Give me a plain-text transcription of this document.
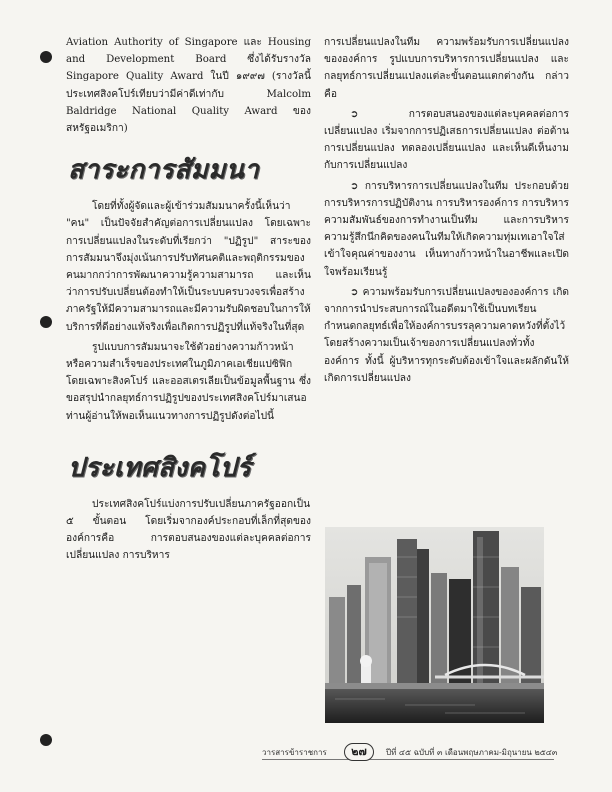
Aviation Authority of Singapore และ Housing and Development Board ซึ่งได้รับรางวัล Singapore Quality Award ในปี ๑๙๙๗ (รางวัลนี้ประเทศสิงคโปร์เทียบว่ามีค่าดีเท่ากับ Malcolm Baldridge National Quality Award ของสหรัฐอเมริกา)

สาระการสัมมนา

โดยที่ทั้งผู้จัดและผู้เข้าร่วมสัมมนาครั้งนี้เห็นว่า "คน" เป็นปัจจัยสำคัญต่อการเปลี่ยนแปลง โดยเฉพาะการเปลี่ยนแปลงในระดับที่เรียกว่า "ปฏิรูป" สาระของการสัมมนาจึงมุ่งเน้นการปรับทัศนคติและพฤติกรรมของคนมากกว่าการพัฒนาความรู้ความสามารถ และเห็นว่าการปรับเปลี่ยนต้องทำให้เป็นระบบครบวงจรเพื่อสร้างภาครัฐให้มีความสามารถและมีความรับผิดชอบในการให้บริการที่ดีอย่างแท้จริงเพื่อเกิดการปฏิรูปที่แท้จริงในที่สุด

รูปแบบการสัมมนาจะใช้ตัวอย่างความก้าวหน้าหรือความสำเร็จของประเทศในภูมิภาคเอเชียแปซิฟิก โดยเฉพาะสิงคโปร์ และออสเตรเลียเป็นข้อมูลพื้นฐาน ซึ่งขอสรุปนำกลยุทธ์การปฏิรูปของประเทศสิงคโปร์มาเสนอท่านผู้อ่านให้พอเห็นแนวทางการปฏิรูปดังต่อไปนี้

ประเทศสิงคโปร์

ประเทศสิงคโปร์แบ่งการปรับเปลี่ยนภาครัฐออกเป็น ๕ ขั้นตอน โดยเริ่มจากองค์ประกอบที่เล็กที่สุดขององค์การคือ การตอบสนองของแต่ละบุคคลต่อการเปลี่ยนแปลง การบริหาร

การเปลี่ยนแปลงในทีม ความพร้อมรับการเปลี่ยนแปลงขององค์การ รูปแบบการบริหารการเปลี่ยนแปลง และกลยุทธ์การเปลี่ยนแปลงแต่ละขั้นตอนแตกต่างกัน กล่าวคือ

➲ การตอบสนองของแต่ละบุคคลต่อการเปลี่ยนแปลง เริ่มจากการปฏิเสธการเปลี่ยนแปลง ต่อต้านการเปลี่ยนแปลง ทดลองเปลี่ยนแปลง และเห็นดีเห็นงามกับการเปลี่ยนแปลง

➲ การบริหารการเปลี่ยนแปลงในทีม ประกอบด้วยการบริหารการปฏิบัติงาน การบริหารองค์การ การบริหารความสัมพันธ์ของการทำงานเป็นทีม และการบริหารความรู้สึกนึกคิดของคนในทีมให้เกิดความทุ่มเทเอาใจใส่ เข้าใจคุณค่าของงาน เห็นทางก้าวหน้าในอาชีพและเปิดใจพร้อมเรียนรู้

➲ ความพร้อมรับการเปลี่ยนแปลงขององค์การ เกิดจากการนำประสบการณ์ในอดีตมาใช้เป็นบทเรียน กำหนดกลยุทธ์เพื่อให้องค์การบรรลุความคาดหวังที่ตั้งไว้ โดยสร้างความเป็นเจ้าของการเปลี่ยนแปลงทั่วทั้งองค์การ ทั้งนี้ ผู้บริหารทุกระดับต้องเข้าใจและผลักดันให้เกิดการเปลี่ยนแปลง

วารสารข้าราชการ	๒๗	ปีที่ ๔๕ ฉบับที่ ๓ เดือนพฤษภาคม-มิถุนายน ๒๕๔๓
